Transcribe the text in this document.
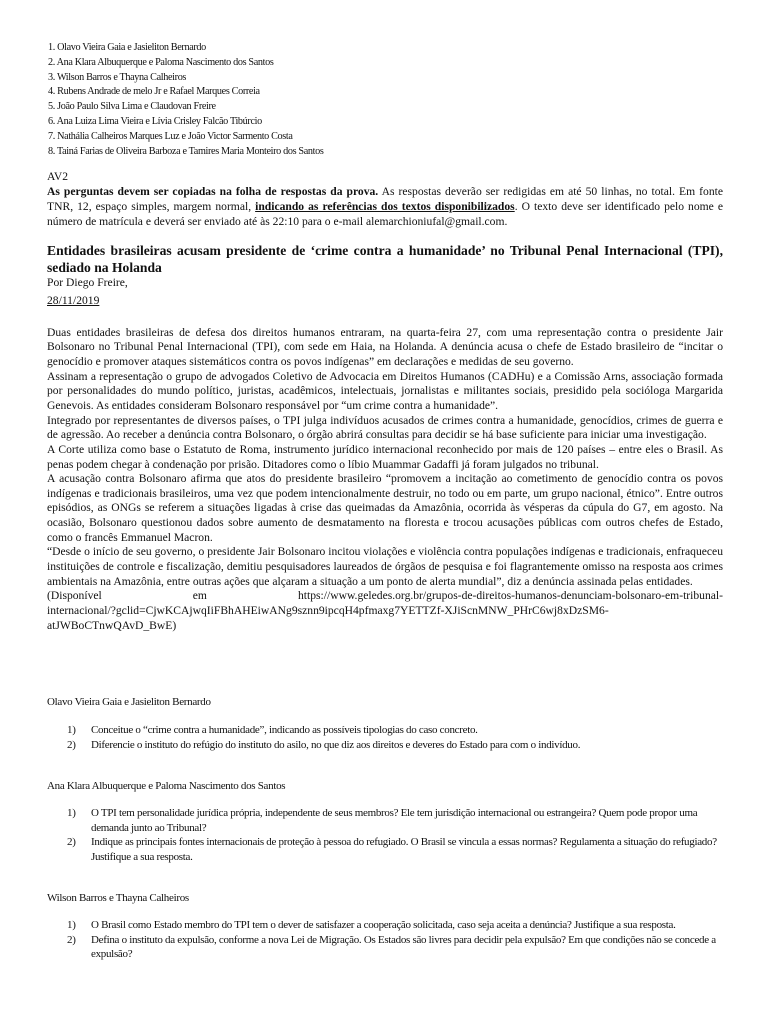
1. Olavo Vieira Gaia e Jasieliton Bernardo
2. Ana Klara Albuquerque e Paloma Nascimento dos Santos
3. Wilson Barros e Thayna Calheiros
4. Rubens Andrade de melo Jr e Rafael Marques Correia
5. João Paulo Silva Lima e Claudovan Freire
6. Ana Luiza Lima Vieira e Lívia Crisley Falcão Tibúrcio
7. Nathália Calheiros Marques Luz e João Victor Sarmento Costa
8. Tainá Farias de Oliveira Barboza e Tamires Maria Monteiro dos Santos

AV2

As perguntas devem ser copiadas na folha de respostas da prova. As respostas deverão ser redigidas em até 50 linhas, no total. Em fonte TNR, 12, espaço simples, margem normal, indicando as referências dos textos disponibilizados. O texto deve ser identificado pelo nome e número de matrícula e deverá ser enviado até às 22:10 para o e-mail alemarchioniufal@gmail.com.

Entidades brasileiras acusam presidente de ‘crime contra a humanidade’ no Tribunal Penal Internacional (TPI), sediado na Holanda

Por Diego Freire,
28/11/2019

Duas entidades brasileiras de defesa dos direitos humanos entraram, na quarta-feira 27, com uma representação contra o presidente Jair Bolsonaro no Tribunal Penal Internacional (TPI), com sede em Haia, na Holanda. A denúncia acusa o chefe de Estado brasileiro de “incitar o genocídio e promover ataques sistemáticos contra os povos indígenas” em declarações e medidas de seu governo.

Assinam a representação o grupo de advogados Coletivo de Advocacia em Direitos Humanos (CADHu) e a Comissão Arns, associação formada por personalidades do mundo político, juristas, acadêmicos, intelectuais, jornalistas e militantes sociais, presidido pela socióloga Margarida Genevois. As entidades consideram Bolsonaro responsável por “um crime contra a humanidade”.

Integrado por representantes de diversos países, o TPI julga indivíduos acusados de crimes contra a humanidade, genocídios, crimes de guerra e de agressão. Ao receber a denúncia contra Bolsonaro, o órgão abrirá consultas para decidir se há base suficiente para iniciar uma investigação.

A Corte utiliza como base o Estatuto de Roma, instrumento jurídico internacional reconhecido por mais de 120 países – entre eles o Brasil. As penas podem chegar à condenação por prisão. Ditadores como o líbio Muammar Gadaffi já foram julgados no tribunal.

A acusação contra Bolsonaro afirma que atos do presidente brasileiro “promovem a incitação ao cometimento de genocídio contra os povos indígenas e tradicionais brasileiros, uma vez que podem intencionalmente destruir, no todo ou em parte, um grupo nacional, étnico”. Entre outros episódios, as ONGs se referem a situações ligadas à crise das queimadas da Amazônia, ocorrida às vésperas da cúpula do G7, em agosto. Na ocasião, Bolsonaro questionou dados sobre aumento de desmatamento na floresta e trocou acusações públicas com outros chefes de Estado, como o francês Emmanuel Macron.

“Desde o início de seu governo, o presidente Jair Bolsonaro incitou violações e violência contra populações indígenas e tradicionais, enfraqueceu instituições de controle e fiscalização, demitiu pesquisadores laureados de órgãos de pesquisa e foi flagrantemente omisso na resposta aos crimes ambientais na Amazônia, entre outras ações que alçaram a situação a um ponto de alerta mundial”, diz a denúncia assinada pelas entidades.

(Disponível	em	https://www.geledes.org.br/grupos-de-direitos-humanos-denunciam-bolsonaro-em-tribunal-
internacional/?gclid=CjwKCAjwqIiFBhAHEiwANg9sznn9ipcqH4pfmaxg7YETTZf-XJiScnMNW_PHrC6wj8xDzSM6-
atJWBoCTnwQAvD_BwE)
Olavo Vieira Gaia e Jasieliton Bernardo
1)	Conceitue o “crime contra a humanidade”, indicando as possíveis tipologias do caso concreto.
2)	Diferencie o instituto do refúgio do instituto do asilo, no que diz aos direitos e deveres do Estado para com o indivíduo.
Ana Klara Albuquerque e Paloma Nascimento dos Santos
1)	O TPI tem personalidade jurídica própria, independente de seus membros? Ele tem jurisdição internacional ou estrangeira? Quem pode propor uma demanda junto ao Tribunal?
2)	Indique as principais fontes internacionais de proteção à pessoa do refugiado. O Brasil se vincula a essas normas? Regulamenta a situação do refugiado? Justifique a sua resposta.
Wilson Barros e Thayna Calheiros
1)	O Brasil como Estado membro do TPI tem o dever de satisfazer a cooperação solicitada, caso seja aceita a denúncia? Justifique a sua resposta.
2)	Defina o instituto da expulsão, conforme a nova Lei de Migração. Os Estados são livres para decidir pela expulsão? Em que condições não se concede a expulsão?
